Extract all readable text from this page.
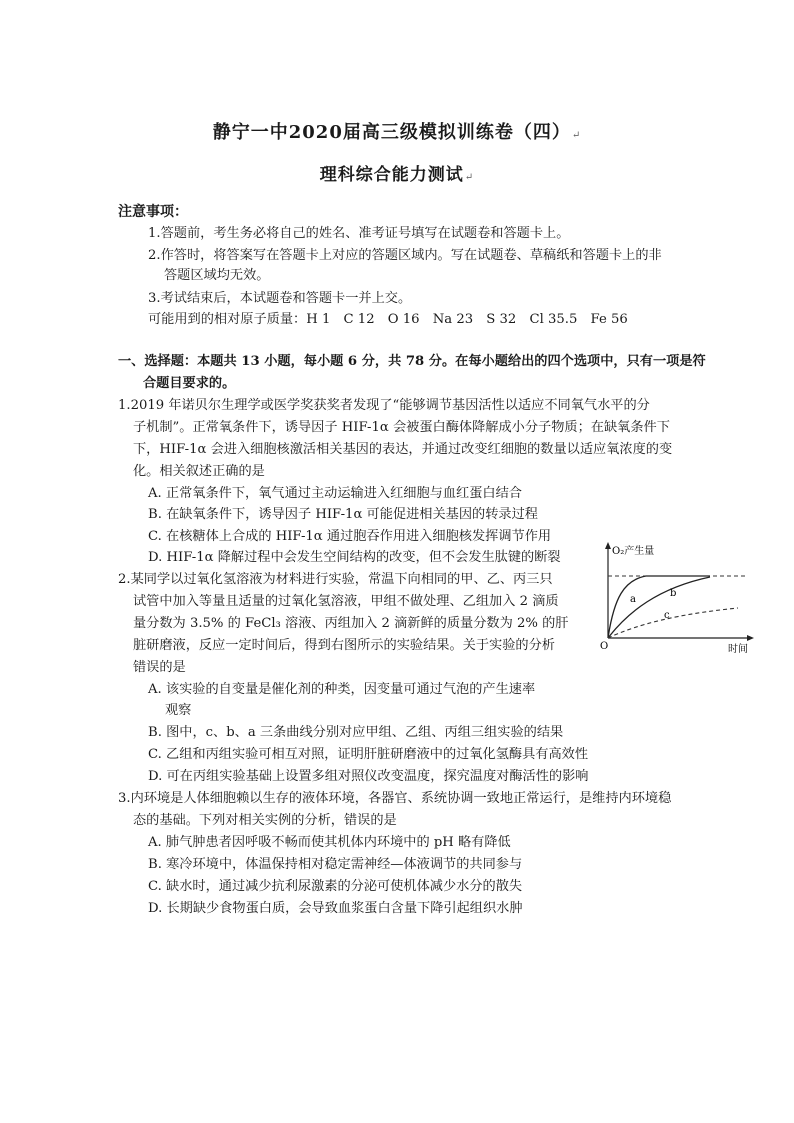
静宁一中2020届高三级模拟训练卷（四）↵
理科综合能力测试↵
注意事项：
1.答题前，考生务必将自己的姓名、准考证号填写在试题卷和答题卡上。
2.作答时，将答案写在答题卡上对应的答题区域内。写在试题卷、草稿纸和答题卡上的非
答题区域均无效。
3.考试结束后，本试题卷和答题卡一并上交。
可能用到的相对原子质量：H 1　C 12　O 16　Na 23　S 32　Cl 35.5　Fe 56
一、选择题：本题共 13 小题，每小题 6 分，共 78 分。在每小题给出的四个选项中，只有一项是符
合题目要求的。
1.2019 年诺贝尔生理学或医学奖获奖者发现了“能够调节基因活性以适应不同氧气水平的分
子机制”。正常氧条件下，诱导因子 HIF-1α 会被蛋白酶体降解成小分子物质；在缺氧条件下
下，HIF-1α 会进入细胞核激活相关基因的表达，并通过改变红细胞的数量以适应氧浓度的变
化。相关叙述正确的是
A. 正常氧条件下，氧气通过主动运输进入红细胞与血红蛋白结合
B. 在缺氧条件下，诱导因子 HIF-1α 可能促进相关基因的转录过程
C. 在核糖体上合成的 HIF-1α 通过胞吞作用进入细胞核发挥调节作用
D. HIF-1α 降解过程中会发生空间结构的改变，但不会发生肽键的断裂
2.某同学以过氧化氢溶液为材料进行实验，常温下向相同的甲、乙、丙三只
试管中加入等量且适量的过氧化氢溶液，甲组不做处理、乙组加入 2 滴质
量分数为 3.5% 的 FeCl₃ 溶液、丙组加入 2 滴新鲜的质量分数为 2% 的肝
脏研磨液，反应一定时间后，得到右图所示的实验结果。关于实验的分析
错误的是
A. 该实验的自变量是催化剂的种类，因变量可通过气泡的产生速率
观察
B. 图中，c、b、a 三条曲线分别对应甲组、乙组、丙组三组实验的结果
C. 乙组和丙组实验可相互对照，证明肝脏研磨液中的过氧化氢酶具有高效性
D. 可在丙组实验基础上设置多组对照仪改变温度，探究温度对酶活性的影响
O₂产生量
时间
O
a
b
c
3.内环境是人体细胞赖以生存的液体环境，各器官、系统协调一致地正常运行，是维持内环境稳
态的基础。下列对相关实例的分析，错误的是
A. 肺气肿患者因呼吸不畅而使其机体内环境中的 pH 略有降低
B. 寒冷环境中，体温保持相对稳定需神经—体液调节的共同参与
C. 缺水时，通过减少抗利尿激素的分泌可使机体减少水分的散失
D. 长期缺少食物蛋白质，会导致血浆蛋白含量下降引起组织水肿
